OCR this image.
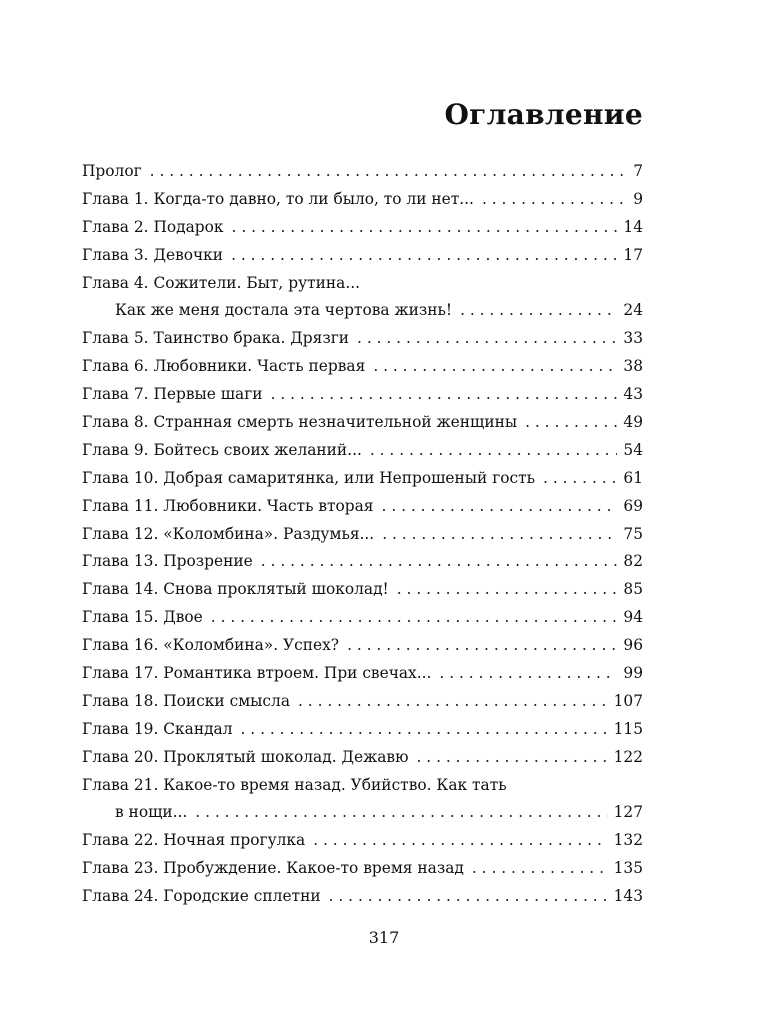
Оглавление
Пролог . . .	7
Глава 1. Когда-то давно, то ли было, то ли нет... . . .	9
Глава 2. Подарок . . .	14
Глава 3. Девочки . . .	17
Глава 4. Сожители. Быт, рутина...
Как же меня достала эта чертова жизнь! . . .	24
Глава 5. Таинство брака. Дрязги . . .	33
Глава 6. Любовники. Часть первая . . .	38
Глава 7. Первые шаги . . .	43
Глава 8. Странная смерть незначительной женщины . . .	49
Глава 9. Бойтесь своих желаний... . . .	54
Глава 10. Добрая самаритянка, или Непрошеный гость . . .	61
Глава 11. Любовники. Часть вторая . . .	69
Глава 12. «Коломбина». Раздумья... . . .	75
Глава 13. Прозрение . . .	82
Глава 14. Снова проклятый шоколад! . . .	85
Глава 15. Двое . . .	94
Глава 16. «Коломбина». Успех? . . .	96
Глава 17. Романтика втроем. При свечах... . . .	99
Глава 18. Поиски смысла . . .	107
Глава 19. Скандал . . .	115
Глава 20. Проклятый шоколад. Дежавю . . .	122
Глава 21. Какое-то время назад. Убийство. Как тать
в нощи... . . .	127
Глава 22. Ночная прогулка . . .	132
Глава 23. Пробуждение. Какое-то время назад . . .	135
Глава 24. Городские сплетни . . .	143

317
